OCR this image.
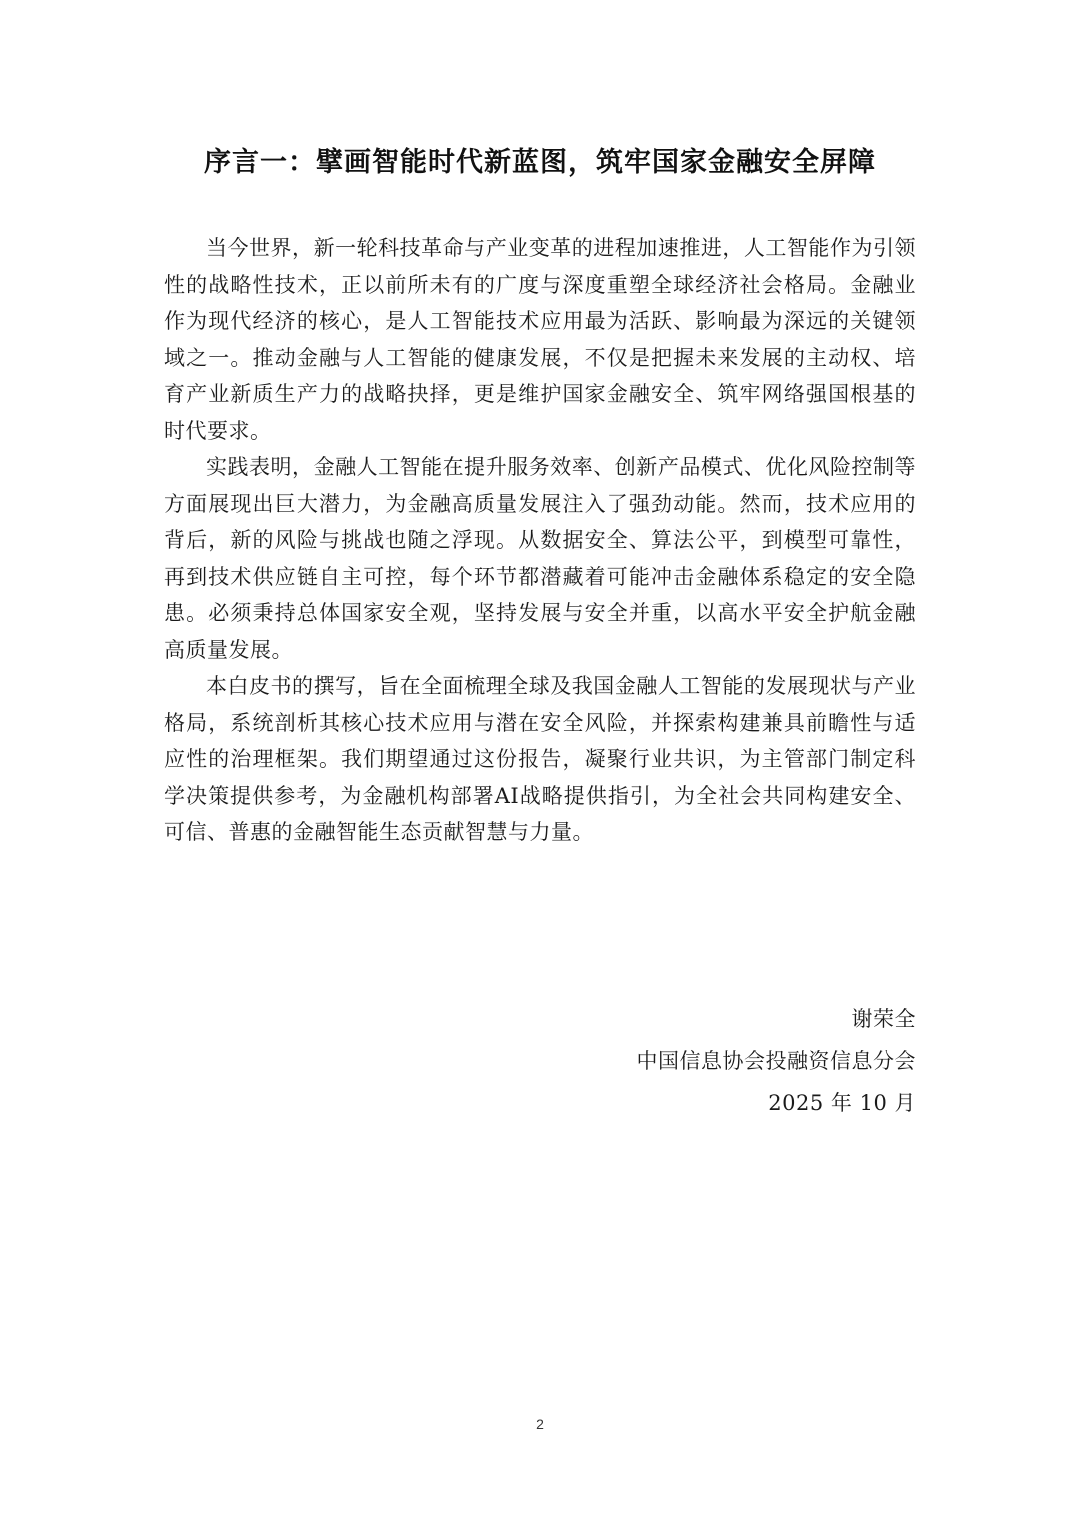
序言一：擘画智能时代新蓝图，筑牢国家金融安全屏障

当今世界，新一轮科技革命与产业变革的进程加速推进，人工智能作为引领性的战略性技术，正以前所未有的广度与深度重塑全球经济社会格局。金融业作为现代经济的核心，是人工智能技术应用最为活跃、影响最为深远的关键领域之一。推动金融与人工智能的健康发展，不仅是把握未来发展的主动权、培育产业新质生产力的战略抉择，更是维护国家金融安全、筑牢网络强国根基的时代要求。

实践表明，金融人工智能在提升服务效率、创新产品模式、优化风险控制等方面展现出巨大潜力，为金融高质量发展注入了强劲动能。然而，技术应用的背后，新的风险与挑战也随之浮现。从数据安全、算法公平，到模型可靠性，再到技术供应链自主可控，每个环节都潜藏着可能冲击金融体系稳定的安全隐患。必须秉持总体国家安全观，坚持发展与安全并重，以高水平安全护航金融高质量发展。

本白皮书的撰写，旨在全面梳理全球及我国金融人工智能的发展现状与产业格局，系统剖析其核心技术应用与潜在安全风险，并探索构建兼具前瞻性与适应性的治理框架。我们期望通过这份报告，凝聚行业共识，为主管部门制定科学决策提供参考，为金融机构部署AI战略提供指引，为全社会共同构建安全、可信、普惠的金融智能生态贡献智慧与力量。

谢荣全
中国信息协会投融资信息分会
2025 年 10 月
2
